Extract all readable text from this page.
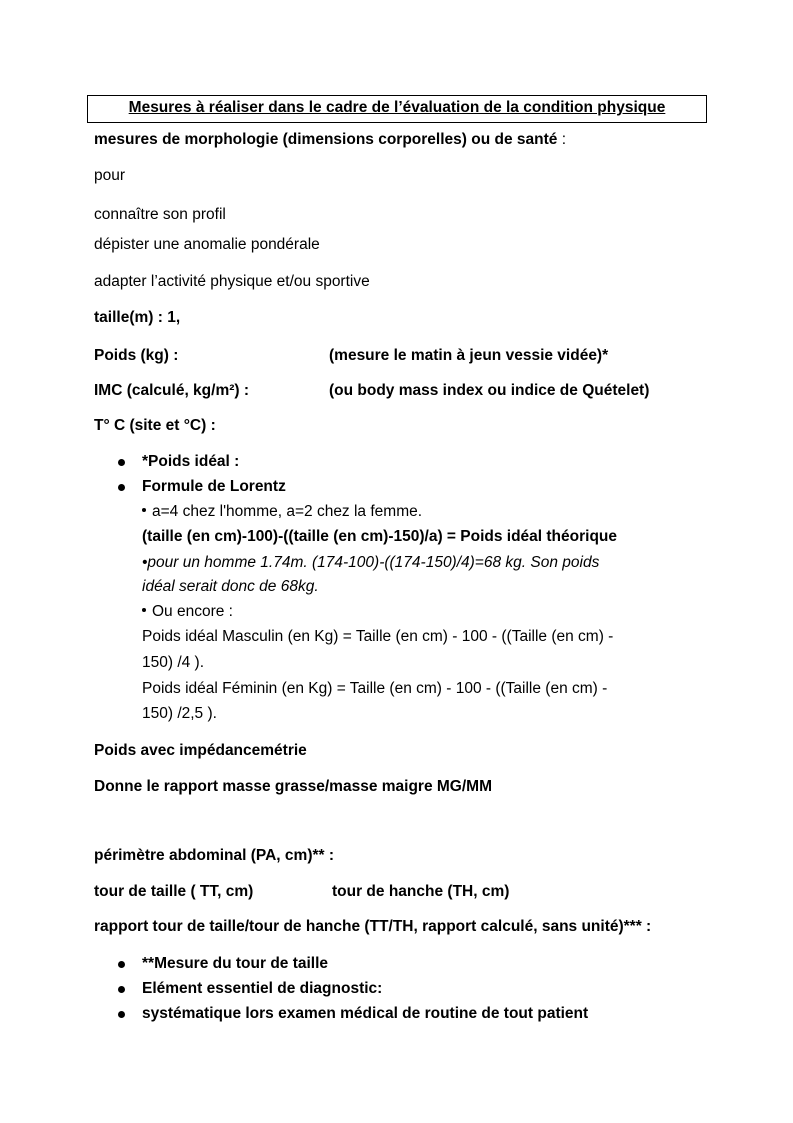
Mesures à réaliser dans le cadre de l’évaluation de la condition physique
mesures de morphologie (dimensions corporelles) ou de santé :
pour
connaître son profil
dépister une anomalie pondérale
adapter l’activité physique et/ou sportive
taille(m) : 1,
Poids (kg) :	(mesure le matin à jeun vessie vidée)*
IMC (calculé, kg/m²) :	(ou body mass index ou indice de Quételet)
T° C (site et °C) :
*Poids idéal :
Formule de Lorentz
a=4 chez l'homme, a=2 chez la femme.
(taille (en cm)-100)-((taille (en cm)-150)/a) = Poids idéal théorique
•pour un homme 1.74m. (174-100)-((174-150)/4)=68 kg. Son poids
idéal serait donc de 68kg.
Ou encore :
Poids idéal Masculin (en Kg) = Taille (en cm) - 100 - ((Taille (en cm) -
150) /4 ).
Poids idéal Féminin (en Kg) = Taille (en cm) - 100 - ((Taille (en cm) -
150) /2,5 ).
Poids avec impédancemétrie
Donne le rapport masse grasse/masse maigre MG/MM
périmètre abdominal (PA, cm)** :
tour de taille ( TT, cm)	tour de hanche (TH, cm)
rapport tour de taille/tour de hanche (TT/TH, rapport calculé, sans unité)*** :
**Mesure du tour de taille
Elément essentiel de diagnostic:
systématique lors examen médical de routine de tout patient
